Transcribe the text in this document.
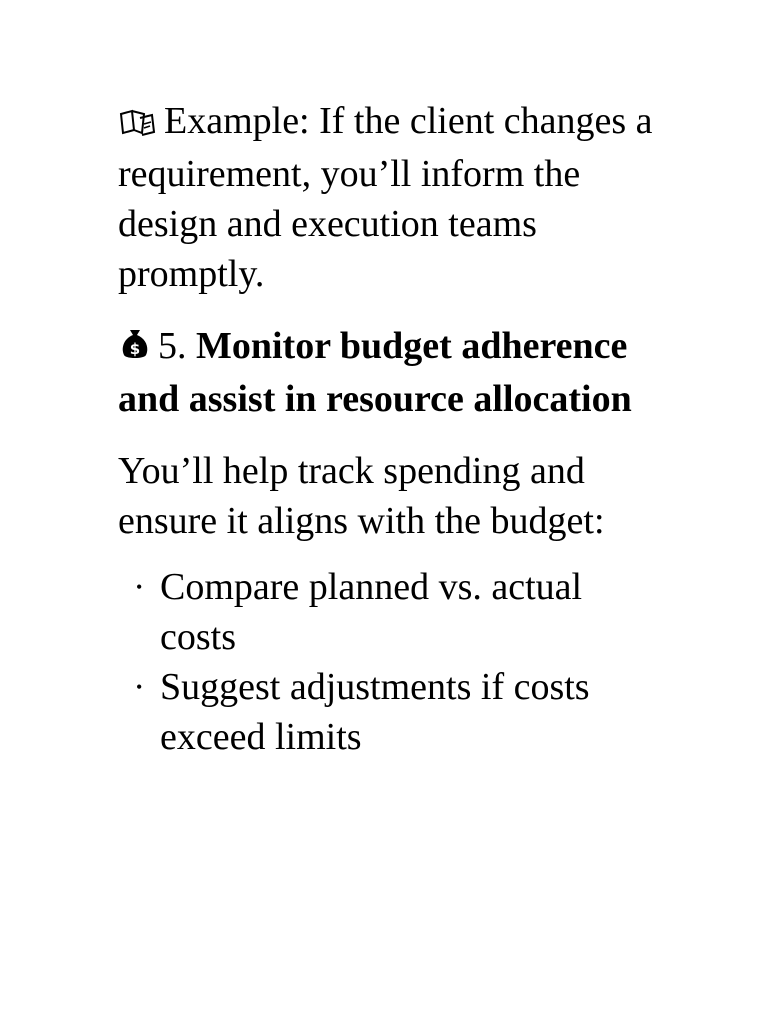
Example: If the client changes a requirement, you’ll inform the design and execution teams promptly.

$ 5. Monitor budget adherence and assist in resource allocation

You’ll help track spending and ensure it aligns with the budget:

• Compare planned vs. actual costs
• Suggest adjustments if costs exceed limits
